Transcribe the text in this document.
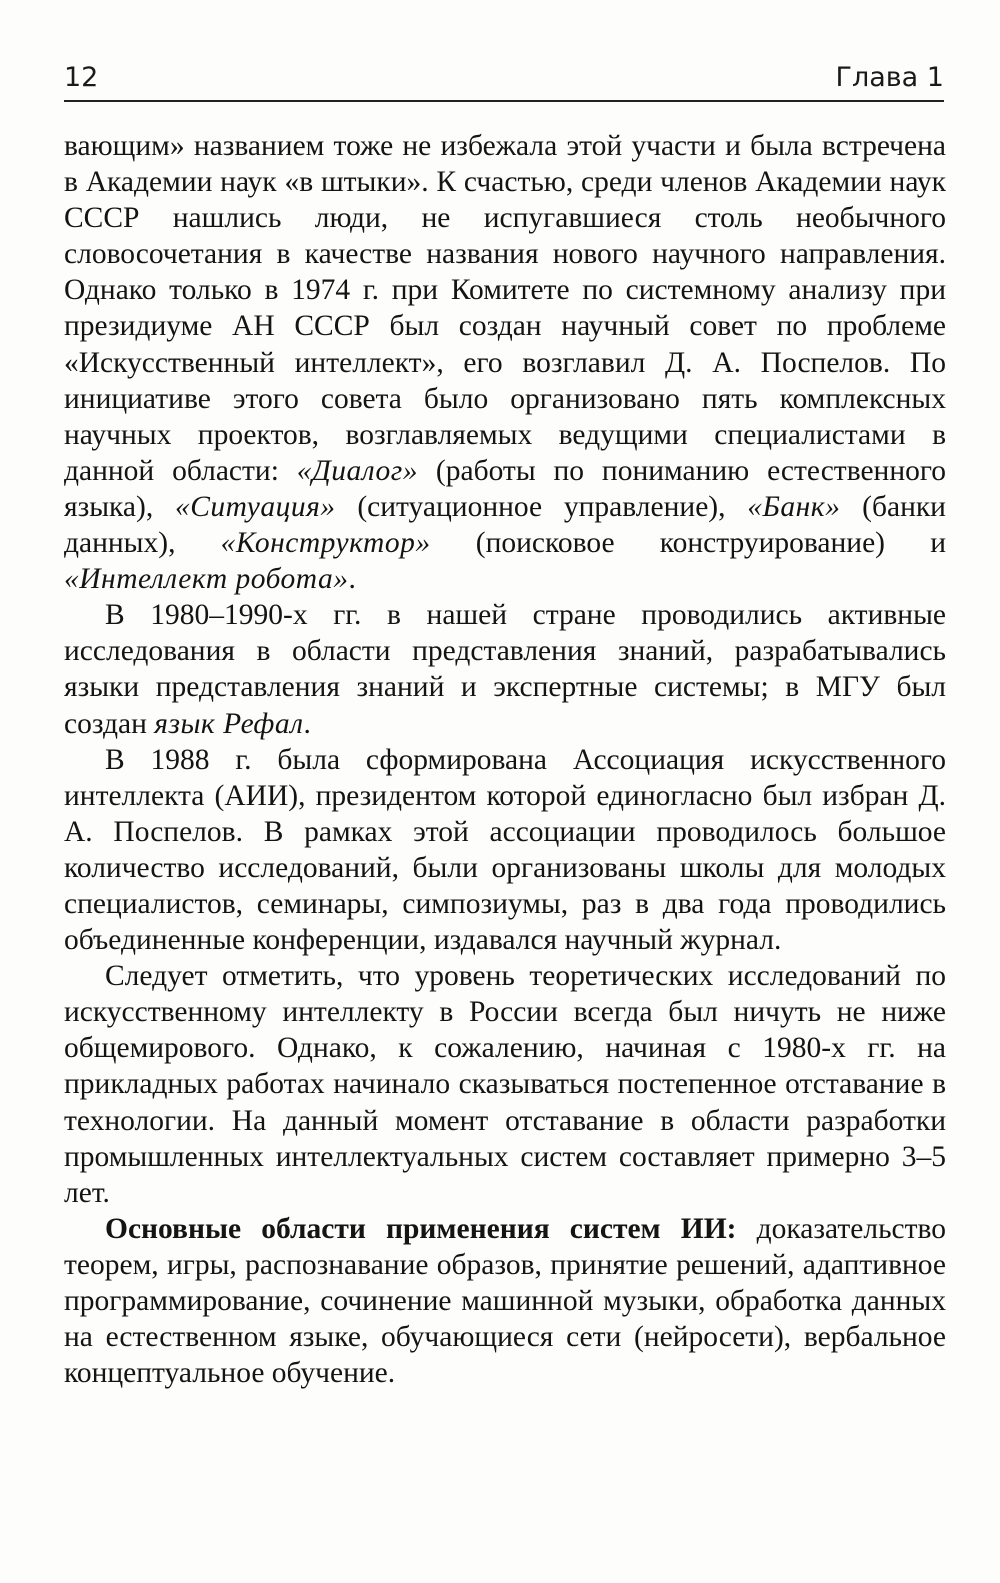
12	Глава 1

вающим» названием тоже не избежала этой участи и была встречена в Академии наук «в штыки». К счастью, среди членов Академии наук СССР нашлись люди, не испугавшиеся столь необычного словосочетания в качестве названия нового научного направления. Однако только в 1974 г. при Комитете по системному анализу при президиуме АН СССР был создан научный совет по проблеме «Искусственный интеллект», его возглавил Д. А. Поспелов. По инициативе этого совета было организовано пять комплексных научных проектов, возглавляемых ведущими специалистами в данной области: «Диалог» (работы по пониманию естественного языка), «Ситуация» (ситуационное управление), «Банк» (банки данных), «Конструктор» (поисковое конструирование) и «Интеллект робота».

В 1980–1990-х гг. в нашей стране проводились активные исследования в области представления знаний, разрабатывались языки представления знаний и экспертные системы; в МГУ был создан язык Рефал.

В 1988 г. была сформирована Ассоциация искусственного интеллекта (АИИ), президентом которой единогласно был избран Д. А. Поспелов. В рамках этой ассоциации проводилось большое количество исследований, были организованы школы для молодых специалистов, семинары, симпозиумы, раз в два года проводились объединенные конференции, издавался научный журнал.

Следует отметить, что уровень теоретических исследований по искусственному интеллекту в России всегда был ничуть не ниже общемирового. Однако, к сожалению, начиная с 1980-х гг. на прикладных работах начинало сказываться постепенное отставание в технологии. На данный момент отставание в области разработки промышленных интеллектуальных систем составляет примерно 3–5 лет.

Основные области применения систем ИИ: доказательство теорем, игры, распознавание образов, принятие решений, адаптивное программирование, сочинение машинной музыки, обработка данных на естественном языке, обучающиеся сети (нейросети), вербальное концептуальное обучение.
